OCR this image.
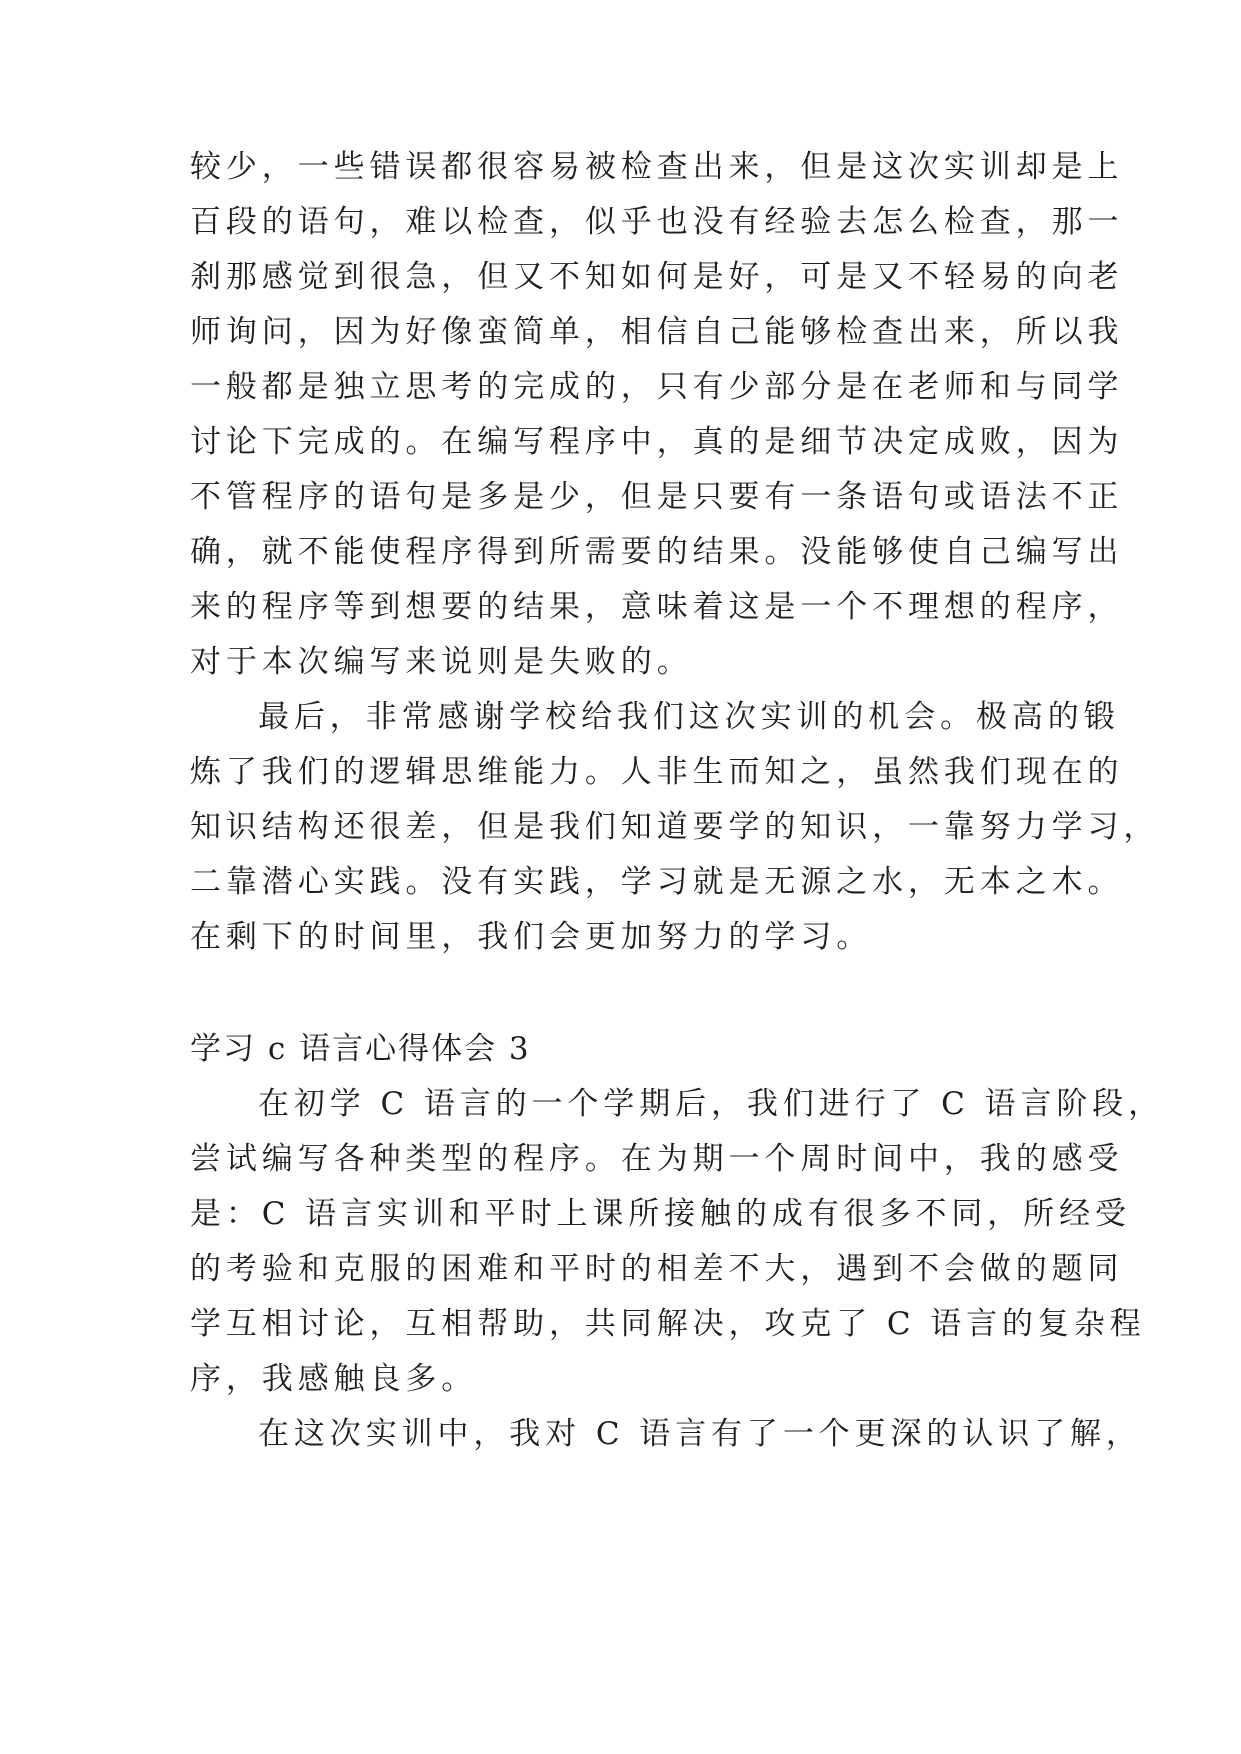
较少，一些错误都很容易被检查出来，但是这次实训却是上
百段的语句，难以检查，似乎也没有经验去怎么检查，那一
刹那感觉到很急，但又不知如何是好，可是又不轻易的向老
师询问，因为好像蛮简单，相信自己能够检查出来，所以我
一般都是独立思考的完成的，只有少部分是在老师和与同学
讨论下完成的。在编写程序中，真的是细节决定成败，因为
不管程序的语句是多是少，但是只要有一条语句或语法不正
确，就不能使程序得到所需要的结果。没能够使自己编写出
来的程序等到想要的结果，意味着这是一个不理想的程序，
对于本次编写来说则是失败的。
最后，非常感谢学校给我们这次实训的机会。极高的锻
炼了我们的逻辑思维能力。人非生而知之，虽然我们现在的
知识结构还很差，但是我们知道要学的知识，一靠努力学习，
二靠潜心实践。没有实践，学习就是无源之水，无本之木。
在剩下的时间里，我们会更加努力的学习。
学习 c 语言心得体会 3
在初学 C 语言的一个学期后，我们进行了 C 语言阶段，
尝试编写各种类型的程序。在为期一个周时间中，我的感受
是：C 语言实训和平时上课所接触的成有很多不同，所经受
的考验和克服的困难和平时的相差不大，遇到不会做的题同
学互相讨论，互相帮助，共同解决，攻克了 C 语言的复杂程
序，我感触良多。
在这次实训中，我对 C 语言有了一个更深的认识了解，
